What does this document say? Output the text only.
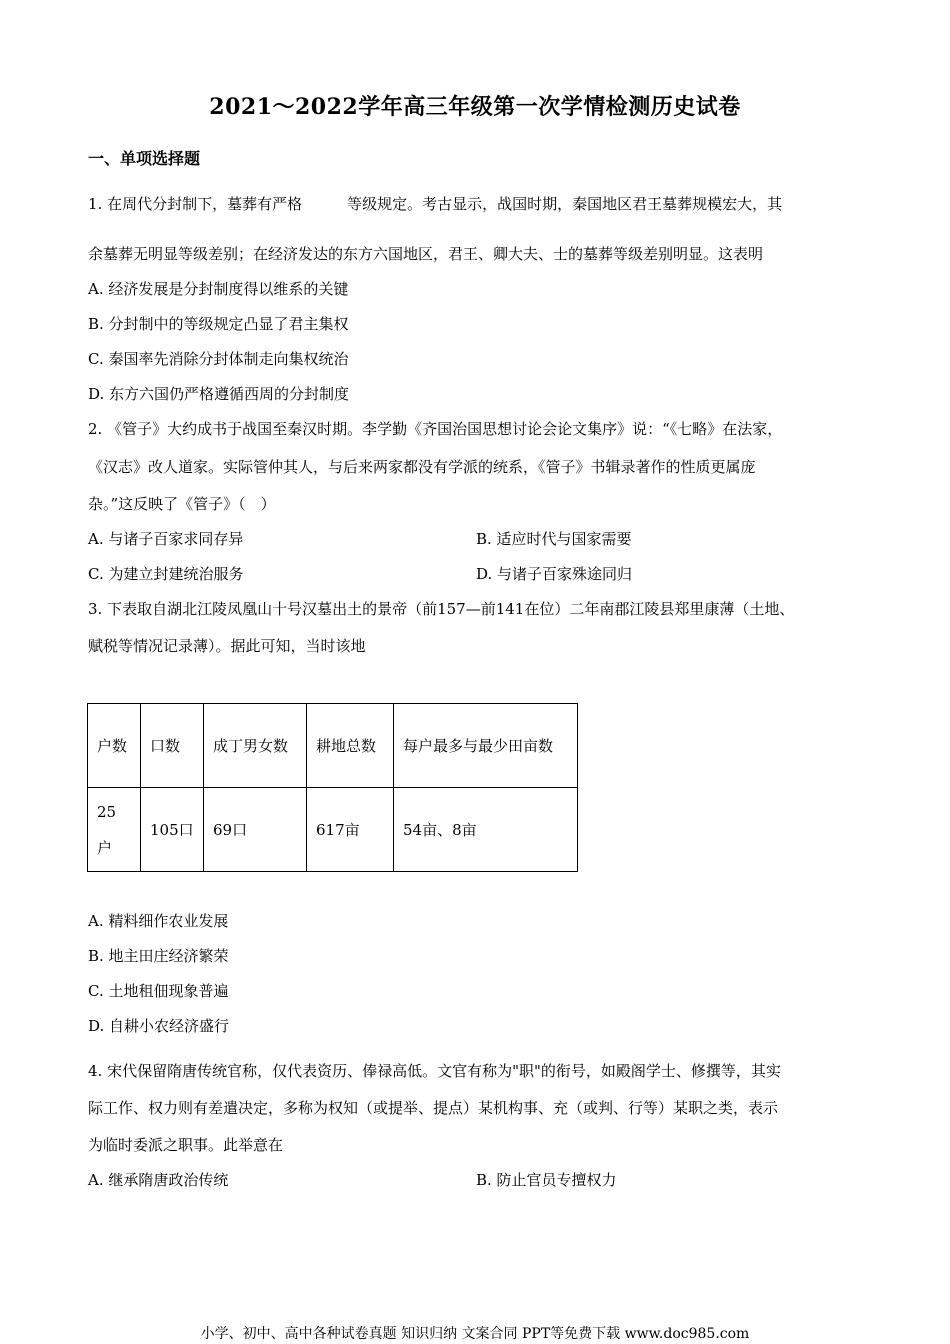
2021～2022学年高三年级第一次学情检测历史试卷
一、单项选择题
1. 在周代分封制下，墓葬有严格　　　等级规定。考古显示，战国时期，秦国地区君王墓葬规模宏大，其
余墓葬无明显等级差别；在经济发达的东方六国地区，君王、卿大夫、士的墓葬等级差别明显。这表明
A. 经济发展是分封制度得以维系的关键
B. 分封制中的等级规定凸显了君主集权
C. 秦国率先消除分封体制走向集权统治
D. 东方六国仍严格遵循西周的分封制度
2. 《管子》大约成书于战国至秦汉时期。李学勤《齐国治国思想讨论会论文集序》说：“《七略》在法家，
《汉志》改人道家。实际管仲其人，与后来两家都没有学派的统系，《管子》书辑录著作的性质更属庞
杂。”这反映了《管子》（　）
A. 与诸子百家求同存异	B. 适应时代与国家需要
C. 为建立封建统治服务	D. 与诸子百家殊途同归
3. 下表取自湖北江陵凤凰山十号汉墓出土的景帝（前157—前141在位）二年南郡江陵县郑里康薄（土地、
赋税等情况记录薄）。据此可知，当时该地
户数	口数	成丁男女数	耕地总数	每户最多与最少田亩数
25户	105口	69口	617亩	54亩、8亩
A. 精料细作农业发展
B. 地主田庄经济繁荣
C. 土地租佃现象普遍
D. 自耕小农经济盛行
4. 宋代保留隋唐传统官称，仅代表资历、俸禄高低。文官有称为"职"的衔号，如殿阁学士、修撰等，其实
际工作、权力则有差遣决定，多称为权知（或提举、提点）某机构事、充（或判、行等）某职之类，表示
为临时委派之职事。此举意在
A. 继承隋唐政治传统	B. 防止官员专擅权力
小学、初中、高中各种试卷真题 知识归纳 文案合同 PPT等免费下载 www.doc985.com
